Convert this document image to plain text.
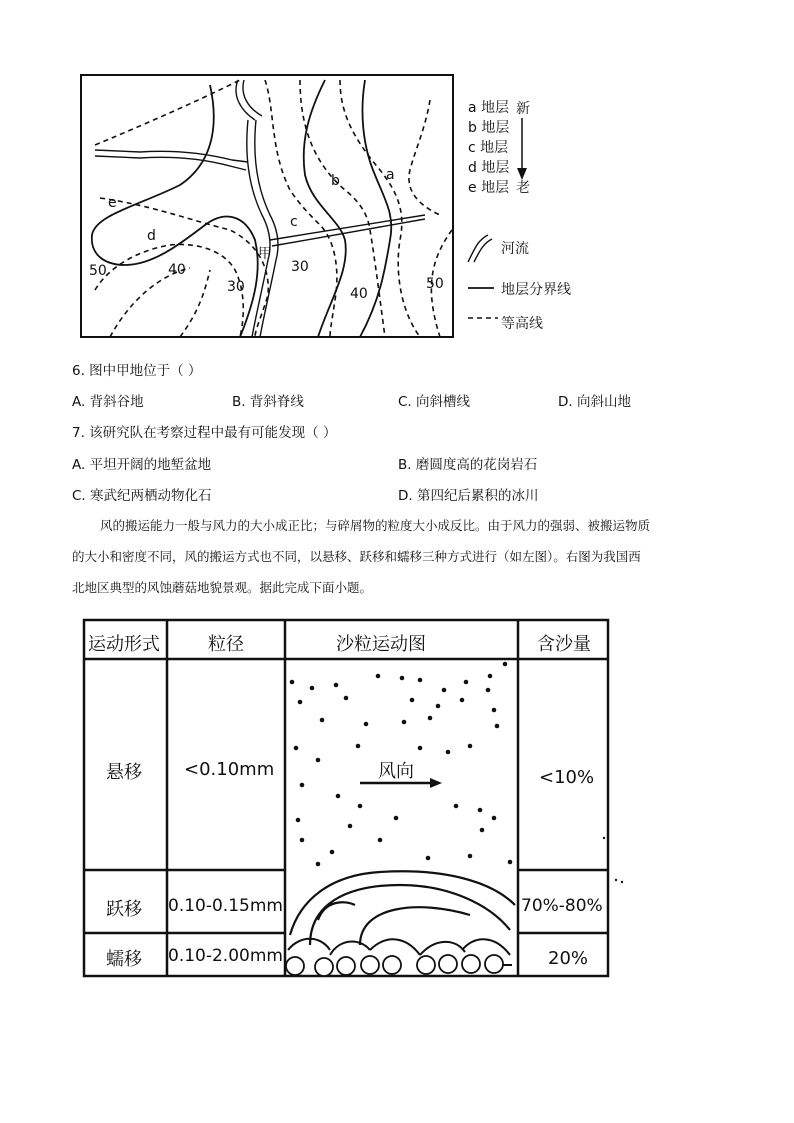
a
b
c
d
e
甲
50	40
30
30
40
50
a 地层
b 地层
c 地层
d 地层
e 地层
新
老
河流
地层分界线
等高线
6. 图中甲地位于（ ）
A. 背斜谷地	B. 背斜脊线	C. 向斜槽线	D. 向斜山地
7. 该研究队在考察过程中最有可能发现（ ）
A. 平坦开阔的地堑盆地	B. 磨圆度高的花岗岩石
C. 寒武纪两栖动物化石	D. 第四纪后累积的冰川
风的搬运能力一般与风力的大小成正比；与碎屑物的粒度大小成反比。由于风力的强弱、被搬运物质
的大小和密度不同，风的搬运方式也不同，以悬移、跃移和蠕移三种方式进行（如左图）。右图为我国西
北地区典型的风蚀蘑菇地貌景观。据此完成下面小题。
运动形式	粒径	沙粒运动图	含沙量
悬移 <0.10mm	<10%
跃移 0.10-0.15mm	70%-80%
蠕移 0.10-2.00mm	20%
风向
